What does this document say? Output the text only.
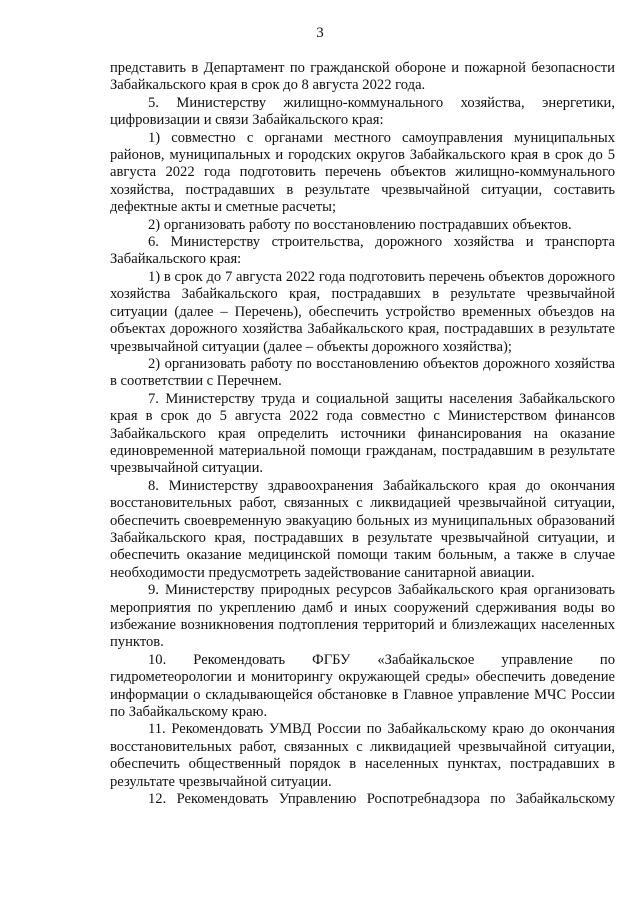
3

представить в Департамент по гражданской обороне и пожарной безопасности Забайкальского края в срок до 8 августа 2022 года.

5. Министерству жилищно-коммунального хозяйства, энергетики, цифровизации и связи Забайкальского края:

1) совместно с органами местного самоуправления муниципальных районов, муниципальных и городских округов Забайкальского края в срок до 5 августа 2022 года подготовить перечень объектов жилищно-коммунального хозяйства, пострадавших в результате чрезвычайной ситуации, составить дефектные акты и сметные расчеты;

2) организовать работу по восстановлению пострадавших объектов.

6. Министерству строительства, дорожного хозяйства и транспорта Забайкальского края:

1) в срок до 7 августа 2022 года подготовить перечень объектов дорожного хозяйства Забайкальского края, пострадавших в результате чрезвычайной ситуации (далее – Перечень), обеспечить устройство временных объездов на объектах дорожного хозяйства Забайкальского края, пострадавших в результате чрезвычайной ситуации (далее – объекты дорожного хозяйства);

2) организовать работу по восстановлению объектов дорожного хозяйства в соответствии с Перечнем.

7. Министерству труда и социальной защиты населения Забайкальского края в срок до 5 августа 2022 года совместно с Министерством финансов Забайкальского края определить источники финансирования на оказание единовременной материальной помощи гражданам, пострадавшим в результате чрезвычайной ситуации.

8. Министерству здравоохранения Забайкальского края до окончания восстановительных работ, связанных с ликвидацией чрезвычайной ситуации, обеспечить своевременную эвакуацию больных из муниципальных образований Забайкальского края, пострадавших в результате чрезвычайной ситуации, и обеспечить оказание медицинской помощи таким больным, а также в случае необходимости предусмотреть задействование санитарной авиации.

9. Министерству природных ресурсов Забайкальского края организовать мероприятия по укреплению дамб и иных сооружений сдерживания воды во избежание возникновения подтопления территорий и близлежащих населенных пунктов.

10. Рекомендовать ФГБУ «Забайкальское управление по гидрометеорологии и мониторингу окружающей среды» обеспечить доведение информации о складывающейся обстановке в Главное управление МЧС России по Забайкальскому краю.

11. Рекомендовать УМВД России по Забайкальскому краю до окончания восстановительных работ, связанных с ликвидацией чрезвычайной ситуации, обеспечить общественный порядок в населенных пунктах, пострадавших в результате чрезвычайной ситуации.

12. Рекомендовать Управлению Роспотребнадзора по Забайкальскому
